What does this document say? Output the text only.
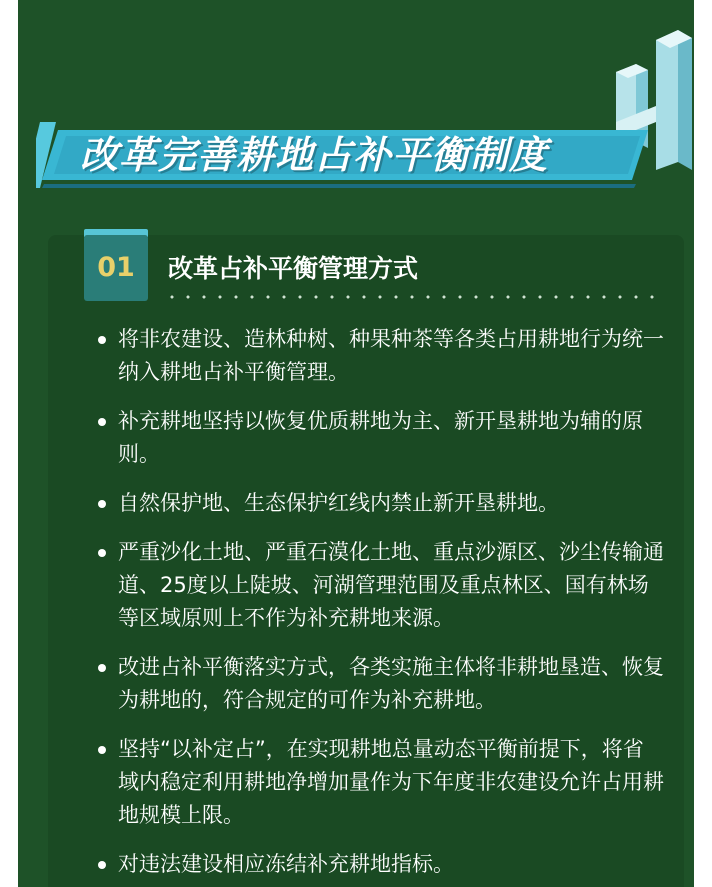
改革完善耕地占补平衡制度
01	改革占补平衡管理方式
将非农建设、造林种树、种果种茶等各类占用耕地行为统一纳入耕地占补平衡管理。
补充耕地坚持以恢复优质耕地为主、新开垦耕地为辅的原则。
自然保护地、生态保护红线内禁止新开垦耕地。
严重沙化土地、严重石漠化土地、重点沙源区、沙尘传输通道、25度以上陡坡、河湖管理范围及重点林区、国有林场等区域原则上不作为补充耕地来源。
改进占补平衡落实方式，各类实施主体将非耕地垦造、恢复为耕地的，符合规定的可作为补充耕地。
坚持“以补定占”，在实现耕地总量动态平衡前提下，将省域内稳定利用耕地净增加量作为下年度非农建设允许占用耕地规模上限。
对违法建设相应冻结补充耕地指标。
